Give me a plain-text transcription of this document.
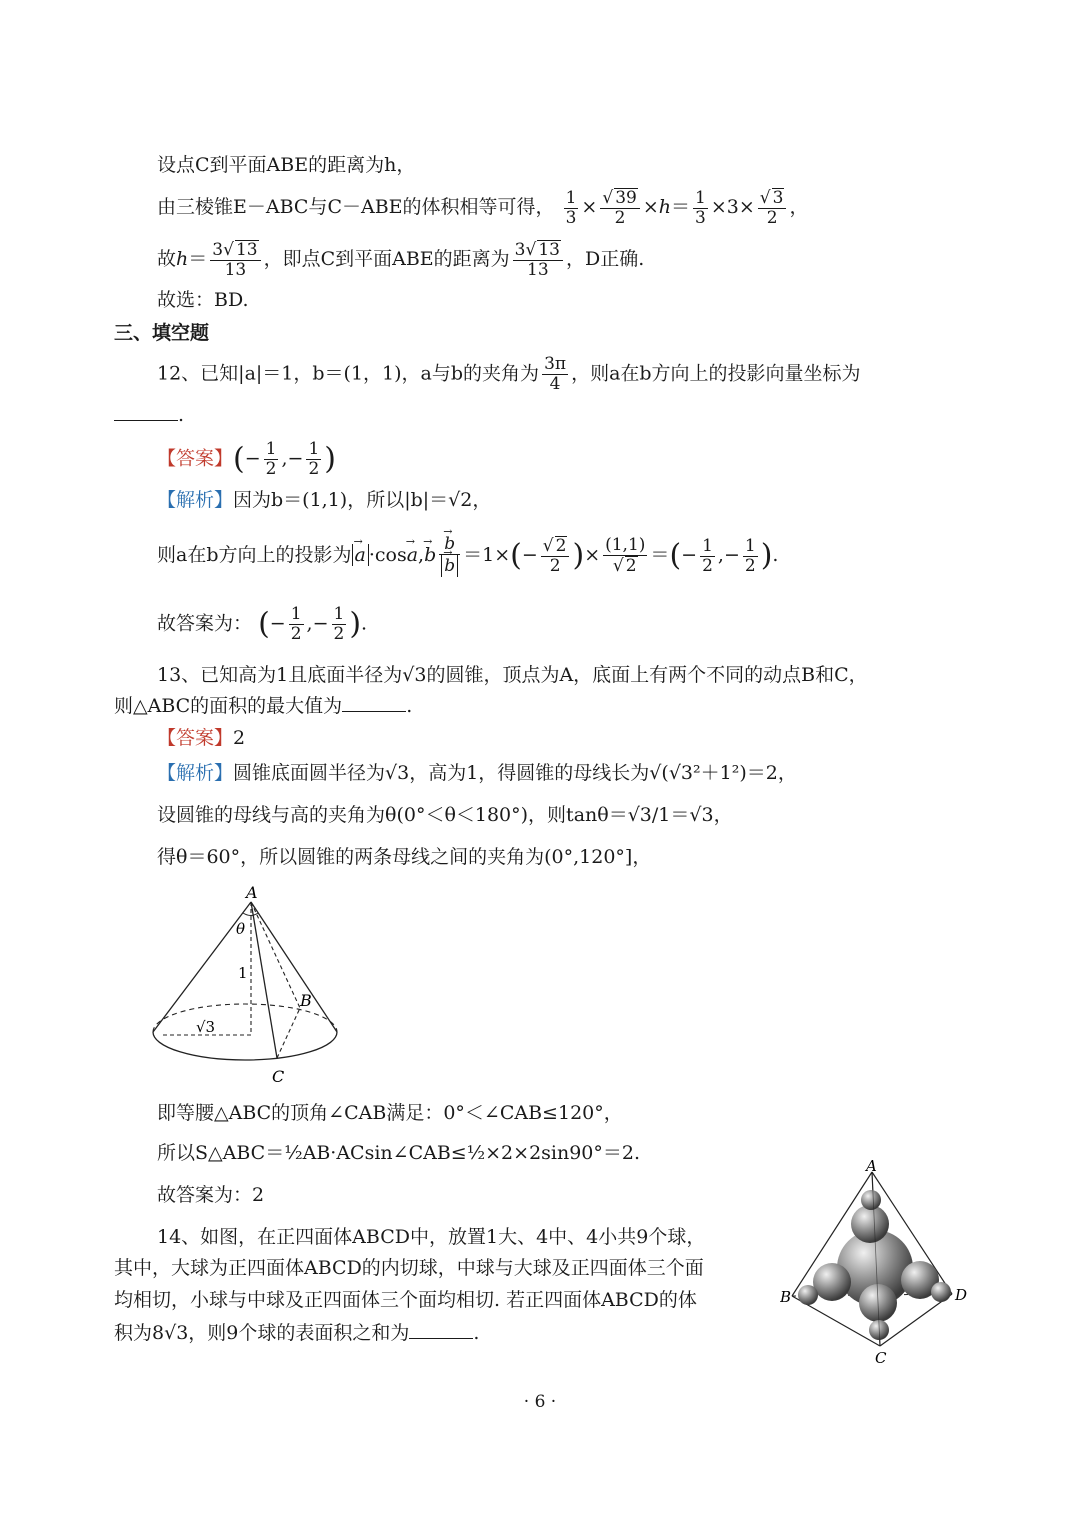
设点C到平面ABE的距离为h，
由三棱锥E－ABC与C－ABE的体积相等可得， $\frac{1}{3} \times \frac{√ 39}{2} \times h= \frac{1}{3} \times 3\times \frac{√ 3}{2}$ ，
故$h= \frac{3√ 13}{13}$ ，即点C到平面ABE的距离为 $\frac{3√ 13}{13}$ ，D正确.
故选：BD.
三、填空题
12、已知|a|＝1，b＝(1，1)，a与b的夹角为 $\frac{3\pi}{4}$ ，则a在b方向上的投影向量坐标为
.
【答案】(− $\frac{1}{2}$ ,− $\frac{1}{2}$ )
【解析】因为b＝(1,1)，所以|b|＝√2，
则a在b方向上的投影为 → a ·cos→ a,→ b → b
→ $b =1\times(- \frac{√ 2}{2}$ )× $\frac{(1,1)}{√ 2}$ ＝(− $\frac{1}{2}$ ,− $\frac{1}{2}$ ).
故答案为： (− $\frac{1}{2}$ ,− $\frac{1}{2}$ ).
13、已知高为1且底面半径为√3的圆锥，顶点为A，底面上有两个不同的动点B和C，
则△ABC的面积的最大值为	.
【答案】2
【解析】圆锥底面圆半径为√3，高为1，得圆锥的母线长为√(√3²＋1²)＝2，
设圆锥的母线与高的夹角为θ(0°＜θ＜180°)，则tanθ＝√3/1＝√3，
得θ＝60°，所以圆锥的两条母线之间的夹角为(0°,120°]，
A
θ
1
B
√3
C
即等腰△ABC的顶角∠CAB满足：0°＜∠CAB≤120°，
所以S△ABC＝½AB·ACsin∠CAB≤½×2×2sin90°＝2.
故答案为：2
14、如图，在正四面体ABCD中，放置1大、4中、4小共9个球，
其中，大球为正四面体ABCD的内切球，中球与大球及正四面体三个面
均相切，小球与中球及正四面体三个面均相切. 若正四面体ABCD的体
积为8√3，则9个球的表面积之和为	.
A
B
C
D
· 6 ·
